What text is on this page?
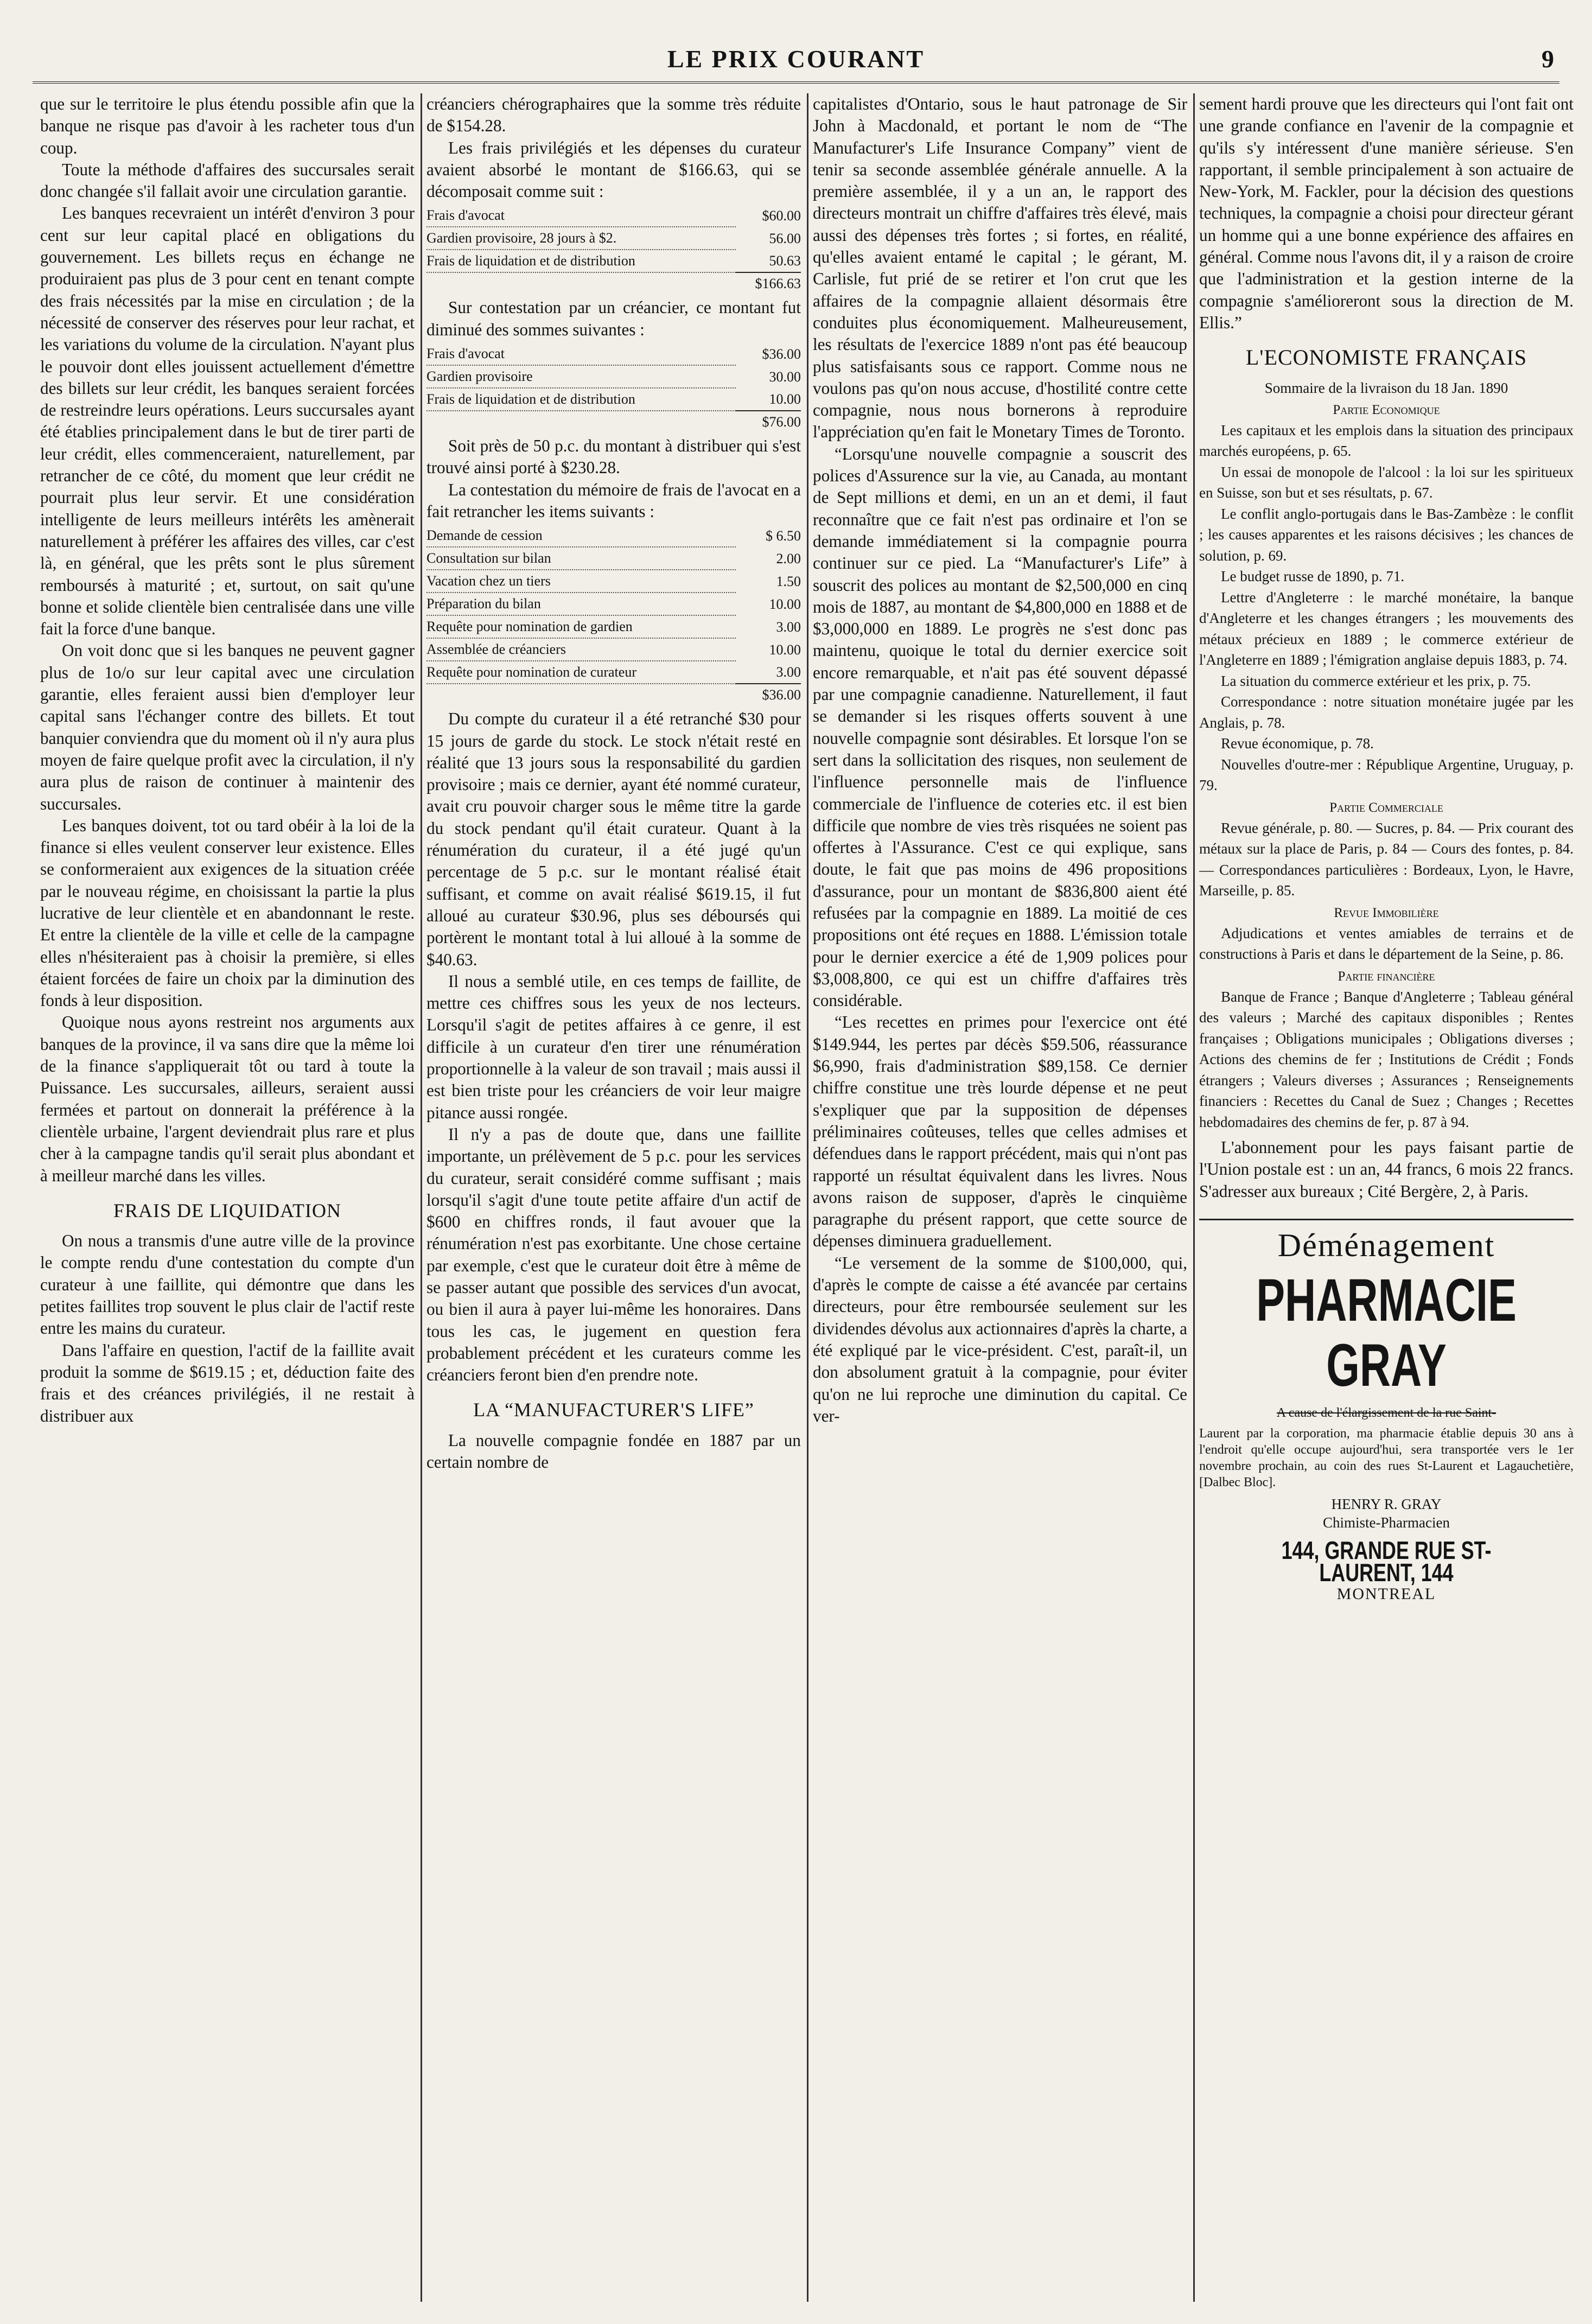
LE PRIX COURANT	9

que sur le territoire le plus étendu possible afin que la banque ne risque pas d'avoir à les racheter tous d'un coup.

Toute la méthode d'affaires des succursales serait donc changée s'il fallait avoir une circulation garantie.

Les banques recevraient un intérêt d'environ 3 pour cent sur leur capital placé en obligations du gouvernement. Les billets reçus en échange ne produiraient pas plus de 3 pour cent en tenant compte des frais nécessités par la mise en circulation ; de la nécessité de conserver des réserves pour leur rachat, et les variations du volume de la circulation. N'ayant plus le pouvoir dont elles jouissent actuellement d'émettre des billets sur leur crédit, les banques seraient forcées de restreindre leurs opérations. Leurs succursales ayant été établies principalement dans le but de tirer parti de leur crédit, elles commenceraient, naturellement, par retrancher de ce côté, du moment que leur crédit ne pourrait plus leur servir. Et une considération intelligente de leurs meilleurs intérêts les amènerait naturellement à préférer les affaires des villes, car c'est là, en général, que les prêts sont le plus sûrement remboursés à maturité ; et, surtout, on sait qu'une bonne et solide clientèle bien centralisée dans une ville fait la force d'une banque.

On voit donc que si les banques ne peuvent gagner plus de 1o/o sur leur capital avec une circulation garantie, elles feraient aussi bien d'employer leur capital sans l'échanger contre des billets. Et tout banquier conviendra que du moment où il n'y aura plus moyen de faire quelque profit avec la circulation, il n'y aura plus de raison de continuer à maintenir des succursales.

Les banques doivent, tot ou tard obéir à la loi de la finance si elles veulent conserver leur existence. Elles se conformeraient aux exigences de la situation créée par le nouveau régime, en choisissant la partie la plus lucrative de leur clientèle et en abandonnant le reste. Et entre la clientèle de la ville et celle de la campagne elles n'hésiteraient pas à choisir la première, si elles étaient forcées de faire un choix par la diminution des fonds à leur disposition.

Quoique nous ayons restreint nos arguments aux banques de la province, il va sans dire que la même loi de la finance s'appliquerait tôt ou tard à toute la Puissance. Les succursales, ailleurs, seraient aussi fermées et partout on donnerait la préférence à la clientèle urbaine, l'argent deviendrait plus rare et plus cher à la campagne tandis qu'il serait plus abondant et à meilleur marché dans les villes.

FRAIS DE LIQUIDATION

On nous a transmis d'une autre ville de la province le compte rendu d'une contestation du compte d'un curateur à une faillite, qui démontre que dans les petites faillites trop souvent le plus clair de l'actif reste entre les mains du curateur.

Dans l'affaire en question, l'actif de la faillite avait produit la somme de $619.15 ; et, déduction faite des frais et des créances privilégiés, il ne restait à distribuer aux

créanciers chérographaires que la somme très réduite de $154.28.

Les frais privilégiés et les dépenses du curateur avaient absorbé le montant de $166.63, qui se décomposait comme suit :

Frais d'avocat	$60.00
Gardien provisoire, 28 jours à $2.	56.00
Frais de liquidation et de distribution	50.63
	$166.63

Sur contestation par un créancier, ce montant fut diminué des sommes suivantes :

Frais d'avocat	$36.00
Gardien provisoire	30.00
Frais de liquidation et de distribution	10.00
	$76.00

Soit près de 50 p.c. du montant à distribuer qui s'est trouvé ainsi porté à $230.28.

La contestation du mémoire de frais de l'avocat en a fait retrancher les items suivants :

Demande de cession	$ 6.50
Consultation sur bilan	2.00
Vacation chez un tiers	1.50
Préparation du bilan	10.00
Requête pour nomination de gardien	3.00
Assemblée de créanciers	10.00
Requête pour nomination de curateur	3.00
	$36.00

Du compte du curateur il a été retranché $30 pour 15 jours de garde du stock. Le stock n'était resté en réalité que 13 jours sous la responsabilité du gardien provisoire ; mais ce dernier, ayant été nommé curateur, avait cru pouvoir charger sous le même titre la garde du stock pendant qu'il était curateur. Quant à la rénumération du curateur, il a été jugé qu'un percentage de 5 p.c. sur le montant réalisé était suffisant, et comme on avait réalisé $619.15, il fut alloué au curateur $30.96, plus ses déboursés qui portèrent le montant total à lui alloué à la somme de $40.63.

Il nous a semblé utile, en ces temps de faillite, de mettre ces chiffres sous les yeux de nos lecteurs. Lorsqu'il s'agit de petites affaires à ce genre, il est difficile à un curateur d'en tirer une rénumération proportionnelle à la valeur de son travail ; mais aussi il est bien triste pour les créanciers de voir leur maigre pitance aussi rongée.

Il n'y a pas de doute que, dans une faillite importante, un prélèvement de 5 p.c. pour les services du curateur, serait considéré comme suffisant ; mais lorsqu'il s'agit d'une toute petite affaire d'un actif de $600 en chiffres ronds, il faut avouer que la rénumération n'est pas exorbitante. Une chose certaine par exemple, c'est que le curateur doit être à même de se passer autant que possible des services d'un avocat, ou bien il aura à payer lui-même les honoraires. Dans tous les cas, le jugement en question fera probablement précédent et les curateurs comme les créanciers feront bien d'en prendre note.

LA “MANUFACTURER'S LIFE”

La nouvelle compagnie fondée en 1887 par un certain nombre de

capitalistes d'Ontario, sous le haut patronage de Sir John à Macdonald, et portant le nom de “The Manufacturer's Life Insurance Company” vient de tenir sa seconde assemblée générale annuelle. A la première assemblée, il y a un an, le rapport des directeurs montrait un chiffre d'affaires très élevé, mais aussi des dépenses très fortes ; si fortes, en réalité, qu'elles avaient entamé le capital ; le gérant, M. Carlisle, fut prié de se retirer et l'on crut que les affaires de la compagnie allaient désormais être conduites plus économiquement. Malheureusement, les résultats de l'exercice 1889 n'ont pas été beaucoup plus satisfaisants sous ce rapport. Comme nous ne voulons pas qu'on nous accuse, d'hostilité contre cette compagnie, nous nous bornerons à reproduire l'appréciation qu'en fait le Monetary Times de Toronto.

“Lorsqu'une nouvelle compagnie a souscrit des polices d'Assurence sur la vie, au Canada, au montant de Sept millions et demi, en un an et demi, il faut reconnaître que ce fait n'est pas ordinaire et l'on se demande immédiatement si la compagnie pourra continuer sur ce pied. La “Manufacturer's Life” à souscrit des polices au montant de $2,500,000 en cinq mois de 1887, au montant de $4,800,000 en 1888 et de $3,000,000 en 1889. Le progrès ne s'est donc pas maintenu, quoique le total du dernier exercice soit encore remarquable, et n'ait pas été souvent dépassé par une compagnie canadienne. Naturellement, il faut se demander si les risques offerts souvent à une nouvelle compagnie sont désirables. Et lorsque l'on se sert dans la sollicitation des risques, non seulement de l'influence personnelle mais de l'influence commerciale de l'influence de coteries etc. il est bien difficile que nombre de vies très risquées ne soient pas offertes à l'Assurance. C'est ce qui explique, sans doute, le fait que pas moins de 496 propositions d'assurance, pour un montant de $836,800 aient été refusées par la compagnie en 1889. La moitié de ces propositions ont été reçues en 1888. L'émission totale pour le dernier exercice a été de 1,909 polices pour $3,008,800, ce qui est un chiffre d'affaires très considérable.

“Les recettes en primes pour l'exercice ont été $149.944, les pertes par décès $59.506, réassurance $6,990, frais d'administration $89,158. Ce dernier chiffre constitue une très lourde dépense et ne peut s'expliquer que par la supposition de dépenses préliminaires coûteuses, telles que celles admises et défendues dans le rapport précédent, mais qui n'ont pas rapporté un résultat équivalent dans les livres. Nous avons raison de supposer, d'après le cinquième paragraphe du présent rapport, que cette source de dépenses diminuera graduellement.

“Le versement de la somme de $100,000, qui, d'après le compte de caisse a été avancée par certains directeurs, pour être remboursée seulement sur les dividendes dévolus aux actionnaires d'après la charte, a été expliqué par le vice-président. C'est, paraît-il, un don absolument gratuit à la compagnie, pour éviter qu'on ne lui reproche une diminution du capital. Ce ver-

sement hardi prouve que les directeurs qui l'ont fait ont une grande confiance en l'avenir de la compagnie et qu'ils s'y intéressent d'une manière sérieuse. S'en rapportant, il semble principalement à son actuaire de New-York, M. Fackler, pour la décision des questions techniques, la compagnie a choisi pour directeur gérant un homme qui a une bonne expérience des affaires en général. Comme nous l'avons dit, il y a raison de croire que l'administration et la gestion interne de la compagnie s'amélioreront sous la direction de M. Ellis.”

L'ECONOMISTE FRANÇAIS
Sommaire de la livraison du 18 Jan. 1890
Partie Economique

Les capitaux et les emplois dans la situation des principaux marchés européens, p. 65.

Un essai de monopole de l'alcool : la loi sur les spiritueux en Suisse, son but et ses résultats, p. 67.

Le conflit anglo-portugais dans le Bas-Zambèze : le conflit ; les causes apparentes et les raisons décisives ; les chances de solution, p. 69.

Le budget russe de 1890, p. 71.

Lettre d'Angleterre : le marché monétaire, la banque d'Angleterre et les changes étrangers ; les mouvements des métaux précieux en 1889 ; le commerce extérieur de l'Angleterre en 1889 ; l'émigration anglaise depuis 1883, p. 74.

La situation du commerce extérieur et les prix, p. 75.

Correspondance : notre situation monétaire jugée par les Anglais, p. 78.

Revue économique, p. 78.

Nouvelles d'outre-mer : République Argentine, Uruguay, p. 79.

Partie Commerciale

Revue générale, p. 80. — Sucres, p. 84. — Prix courant des métaux sur la place de Paris, p. 84 — Cours des fontes, p. 84. — Correspondances particulières : Bordeaux, Lyon, le Havre, Marseille, p. 85.

Revue Immobilière

Adjudications et ventes amiables de terrains et de constructions à Paris et dans le département de la Seine, p. 86.

Partie financière

Banque de France ; Banque d'Angleterre ; Tableau général des valeurs ; Marché des capitaux disponibles ; Rentes françaises ; Obligations municipales ; Obligations diverses ; Actions des chemins de fer ; Institutions de Crédit ; Fonds étrangers ; Valeurs diverses ; Assurances ; Renseignements financiers : Recettes du Canal de Suez ; Changes ; Recettes hebdomadaires des chemins de fer, p. 87 à 94.

L'abonnement pour les pays faisant partie de l'Union postale est : un an, 44 francs, 6 mois 22 francs. S'adresser aux bureaux ; Cité Bergère, 2, à Paris.

Déménagement
PHARMACIE GRAY
A cause de l'élargissement de la rue Saint-
Laurent par la corporation, ma pharmacie établie depuis 30 ans à l'endroit qu'elle occupe aujourd'hui, sera transportée vers le 1er novembre prochain, au coin des rues St-Laurent et Lagauchetière, [Dalbec Bloc].
HENRY R. GRAY
Chimiste-Pharmacien
144, GRANDE RUE ST-LAURENT, 144
MONTREAL
